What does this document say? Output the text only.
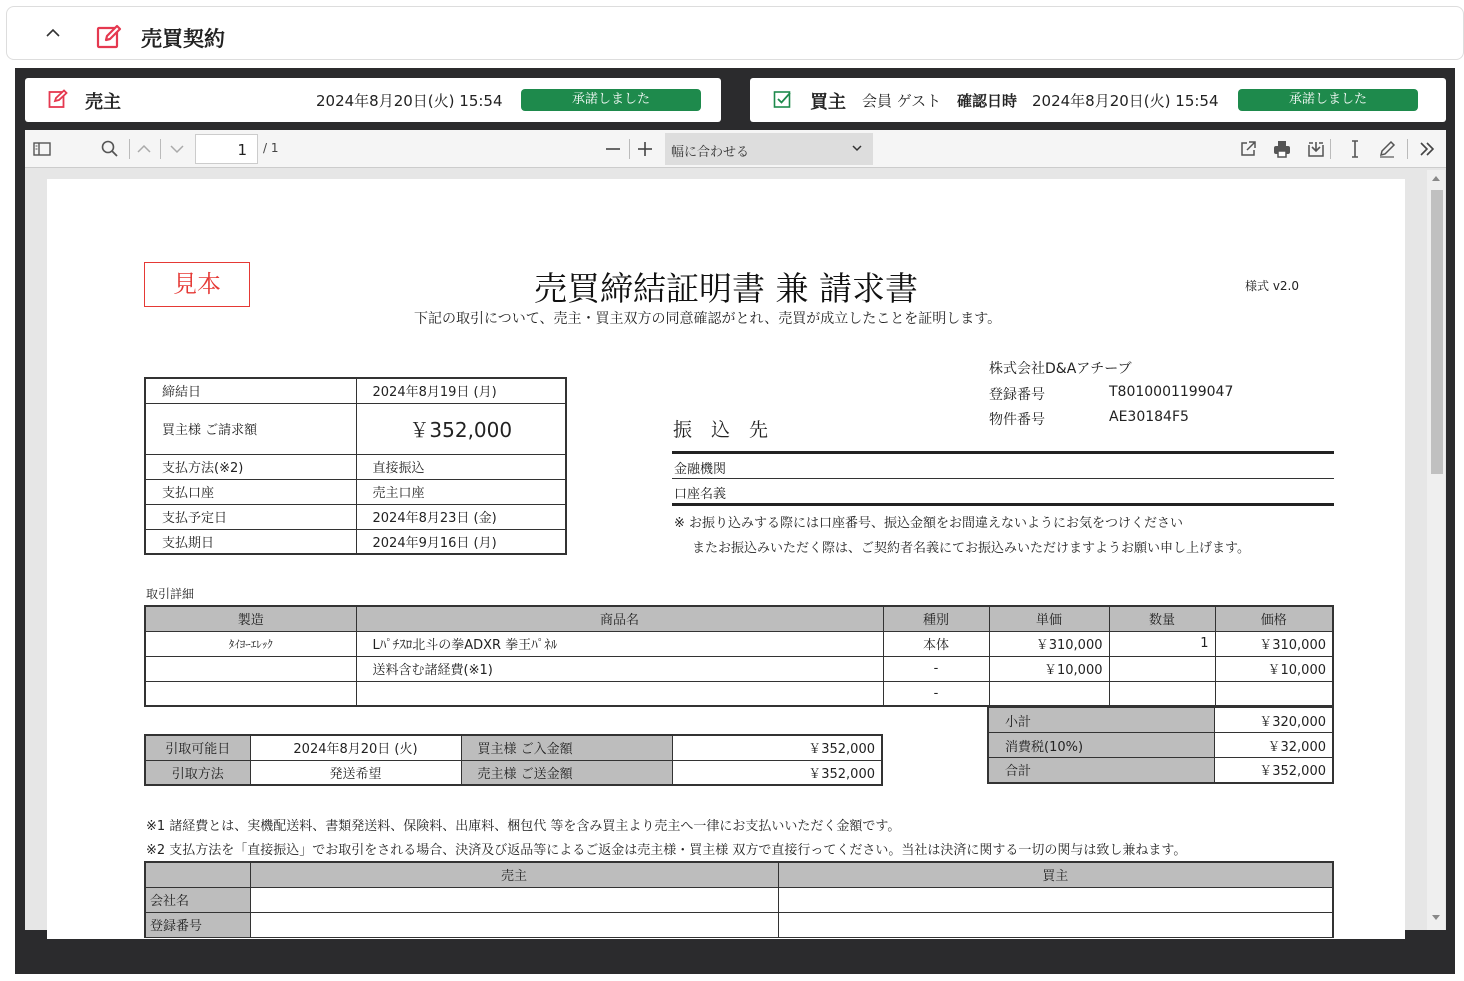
売買契約
売主	2024年8月20日(火) 15:54	承諾しました	買主 会員 ゲスト 確認日時 2024年8月20日(火) 15:54	承諾しました
1	/ 1	幅に合わせる
見本	売買締結証明書 兼 請求書	様式 v2.0
下記の取引について、売主・買主双方の同意確認がとれ、売買が成立したことを証明します。
株式会社D&Aアチーブ
登録番号	T8010001199047
物件番号	AE30184F5
締結日	2024年8月19日 (月)
買主様 ご請求額	￥352,000
支払方法(※2)	直接振込
支払口座	売主口座
支払予定日	2024年8月23日 (金)
支払期日	2024年9月16日 (月)
振　込　先
金融機関
口座名義
※ お振り込みする際には口座番号、振込金額をお間違えないようにお気をつけください
またお振込みいただく際は、ご契約者名義にてお振込みいただけますようお願い申し上げます。
取引詳細
製造	商品名	種別	単価	数量	価格
ﾀｲﾖｰｴﾚｯｸ	Lﾊﾟﾁｽﾛ北斗の拳ADXR 拳王ﾊﾟﾈﾙ	本体	￥310,000	1	￥310,000
	送料含む諸経費(※1)	-	￥10,000		￥10,000
		-			
小計	￥320,000
消費税(10%)	￥32,000
合計	￥352,000
引取可能日	2024年8月20日 (火)	買主様 ご入金額	￥352,000
引取方法	発送希望	売主様 ご送金額	￥352,000
※1 諸経費とは、実機配送料、書類発送料、保険料、出庫料、梱包代 等を含み買主より売主へ一律にお支払いいただく金額です。
※2 支払方法を「直接振込」でお取引をされる場合、決済及び返品等によるご返金は売主様・買主様 双方で直接行ってください。当社は決済に関する一切の関与は致し兼ねます。
	売主	買主
会社名		
登録番号		
